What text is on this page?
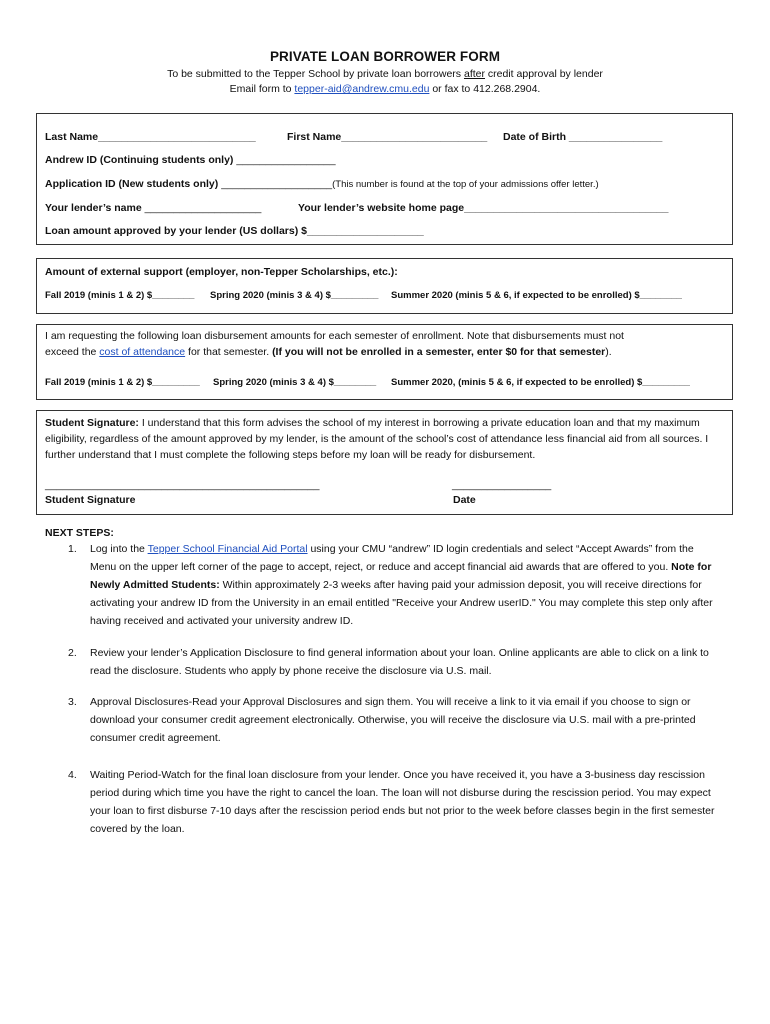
PRIVATE LOAN BORROWER FORM
To be submitted to the Tepper School by private loan borrowers after credit approval by lender
Email form to tepper-aid@andrew.cmu.edu or fax to 412.268.2904.
Last Name___________________________	First Name_________________________ Date of Birth ________________
Andrew ID (Continuing students only) _________________
Application ID (New students only) ___________________(This number is found at the top of your admissions offer letter.)
Your lender’s name ____________________	Your lender’s website home page___________________________________
Loan amount approved by your lender (US dollars) $____________________
Amount of external support (employer, non-Tepper Scholarships, etc.):
Fall 2019 (minis 1 & 2) $________ Spring 2020 (minis 3 & 4) $_________ Summer 2020 (minis 5 & 6, if expected to be enrolled) $________
I am requesting the following loan disbursement amounts for each semester of enrollment. Note that disbursements must not
exceed the cost of attendance for that semester. (If you will not be enrolled in a semester, enter $0 for that semester).
Fall 2019 (minis 1 & 2) $_________ Spring 2020 (minis 3 & 4) $________ Summer 2020, (minis 5 & 6, if expected to be enrolled) $_________
Student Signature: I understand that this form advises the school of my interest in borrowing a private education loan and that my maximum eligibility, regardless of the amount approved by my lender, is the amount of the school’s cost of attendance less financial aid from all sources. I further understand that I must complete the following steps before my loan will be ready for disbursement.
_______________________________________________	_________________
Student Signature	Date
NEXT STEPS:
1.	Log into the Tepper School Financial Aid Portal using your CMU “andrew” ID login credentials and select “Accept Awards” from the Menu on the upper left corner of the page to accept, reject, or reduce and accept financial aid awards that are offered to you. Note for Newly Admitted Students: Within approximately 2-3 weeks after having paid your admission deposit, you will receive directions for activating your andrew ID from the University in an email entitled "Receive your Andrew userID." You may complete this step only after having received and activated your university andrew ID.
2.	Review your lender’s Application Disclosure to find general information about your loan. Online applicants are able to click on a link to read the disclosure. Students who apply by phone receive the disclosure via U.S. mail.
3.	Approval Disclosures-Read your Approval Disclosures and sign them. You will receive a link to it via email if you choose to sign or download your consumer credit agreement electronically. Otherwise, you will receive the disclosure via U.S. mail with a pre-printed consumer credit agreement.
4.	Waiting Period-Watch for the final loan disclosure from your lender. Once you have received it, you have a 3-business day rescission period during which time you have the right to cancel the loan. The loan will not disburse during the rescission period. You may expect your loan to first disburse 7-10 days after the rescission period ends but not prior to the week before classes begin in the first semester covered by the loan.
